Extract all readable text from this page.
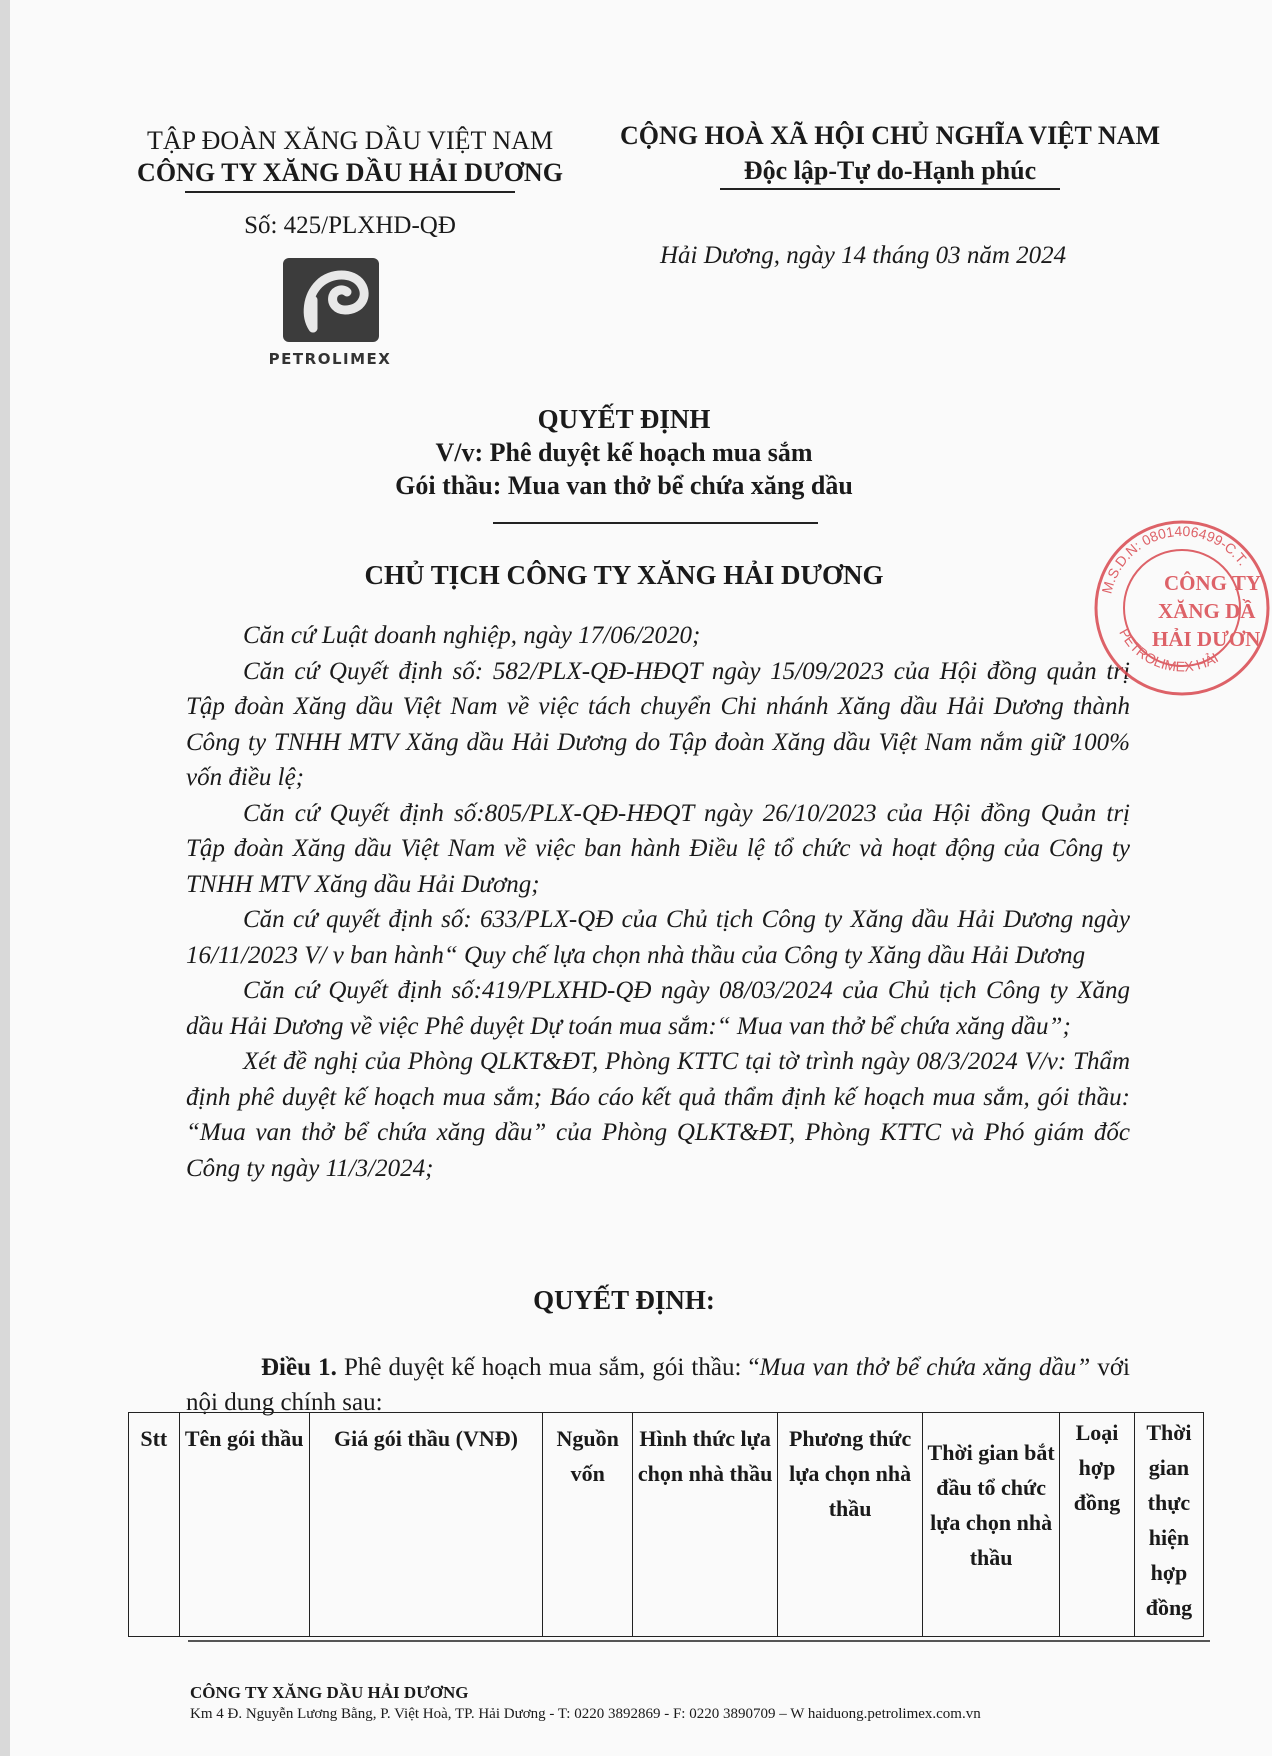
TẬP ĐOÀN XĂNG DẦU VIỆT NAM
CÔNG TY XĂNG DẦU HẢI DƯƠNG
CỘNG HOÀ XÃ HỘI CHỦ NGHĨA VIỆT NAM
Độc lập-Tự do-Hạnh phúc
Số: 425/PLXHD-QĐ
PETROLIMEX
Hải Dương, ngày 14 tháng 03 năm 2024
QUYẾT ĐỊNH
V/v: Phê duyệt kế hoạch mua sắm
Gói thầu: Mua van thở bể chứa xăng dầu
CHỦ TỊCH CÔNG TY XĂNG HẢI DƯƠNG

Căn cứ Luật doanh nghiệp, ngày 17/06/2020;

Căn cứ Quyết định số: 582/PLX-QĐ-HĐQT ngày 15/09/2023 của Hội đồng quản trị Tập đoàn Xăng dầu Việt Nam về việc tách chuyển Chi nhánh Xăng dầu Hải Dương thành Công ty TNHH MTV Xăng dầu Hải Dương do Tập đoàn Xăng dầu Việt Nam nắm giữ 100% vốn điều lệ;

Căn cứ Quyết định số:805/PLX-QĐ-HĐQT ngày 26/10/2023 của Hội đồng Quản trị Tập đoàn Xăng dầu Việt Nam về việc ban hành Điều lệ tổ chức và hoạt động của Công ty TNHH MTV Xăng dầu Hải Dương;

Căn cứ quyết định số: 633/PLX-QĐ của Chủ tịch Công ty Xăng dầu Hải Dương ngày 16/11/2023 V/ v ban hành“ Quy chế lựa chọn nhà thầu của Công ty Xăng dầu Hải Dương

Căn cứ Quyết định số:419/PLXHD-QĐ ngày 08/03/2024 của Chủ tịch Công ty Xăng dầu Hải Dương về việc Phê duyệt Dự toán mua sắm:“ Mua van thở bể chứa xăng dầu”;

Xét đề nghị của Phòng QLKT&ĐT, Phòng KTTC tại tờ trình ngày 08/3/2024 V/v: Thẩm định phê duyệt kế hoạch mua sắm; Báo cáo kết quả thẩm định kế hoạch mua sắm, gói thầu: “Mua van thở bể chứa xăng dầu” của Phòng QLKT&ĐT, Phòng KTTC và Phó giám đốc Công ty ngày 11/3/2024;

QUYẾT ĐỊNH:

Điều 1. Phê duyệt kế hoạch mua sắm, gói thầu: “Mua van thở bể chứa xăng dầu” với nội dung chính sau:

Stt	Tên gói thầu	Giá gói thầu (VNĐ)	Nguồn vốn	Hình thức lựa chọn nhà thầu	Phương thức lựa chọn nhà thầu	Thời gian bắt đầu tổ chức lựa chọn nhà thầu	Loại hợp đồng	Thời gian thực hiện hợp đồng
CÔNG TY XĂNG DẦU HẢI DƯƠNG
Km 4 Đ. Nguyễn Lương Bằng, P. Việt Hoà, TP. Hải Dương - T: 0220 3892869 - F: 0220 3890709 – W haiduong.petrolimex.com.vn
M.S.D.N: 0801406499-C.T.
PETROLIMEX HẢI
CÔNG TY
XĂNG DẦ
HẢI DƯƠN
